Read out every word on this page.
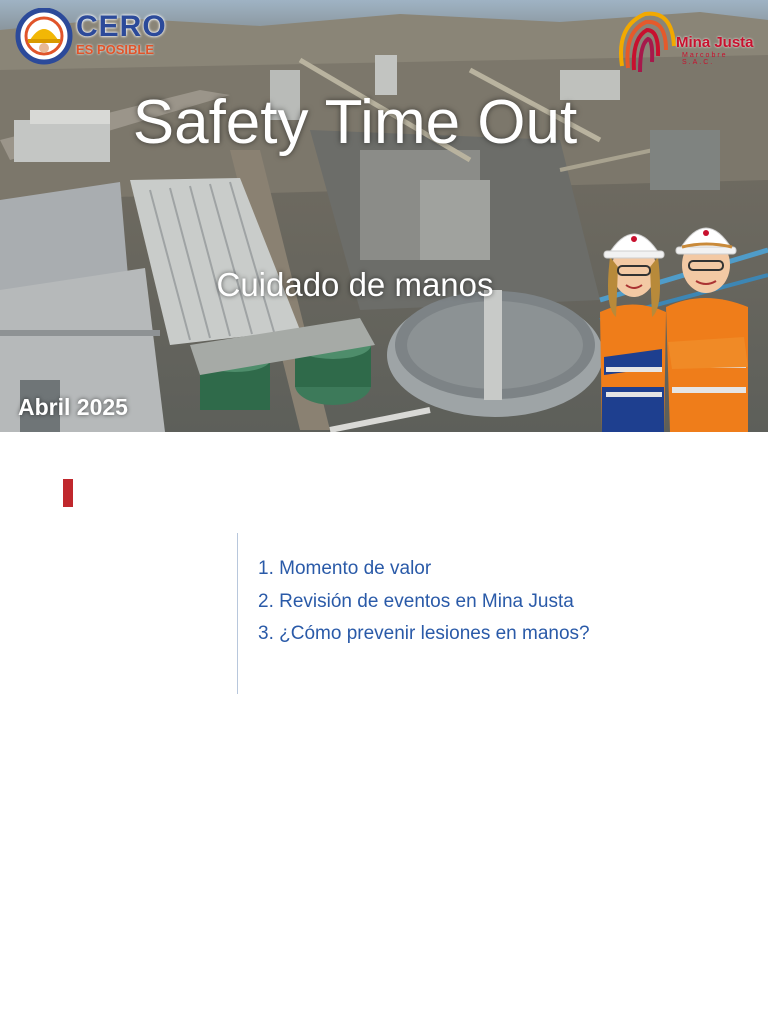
CERO
ES POSIBLE	Mina Justa
Marcobre S.A.C.
Safety Time Out
Cuidado de manos
Abril 2025
1. Momento de valor
2. Revisión de eventos en Mina Justa
3. ¿Cómo prevenir lesiones en manos?
